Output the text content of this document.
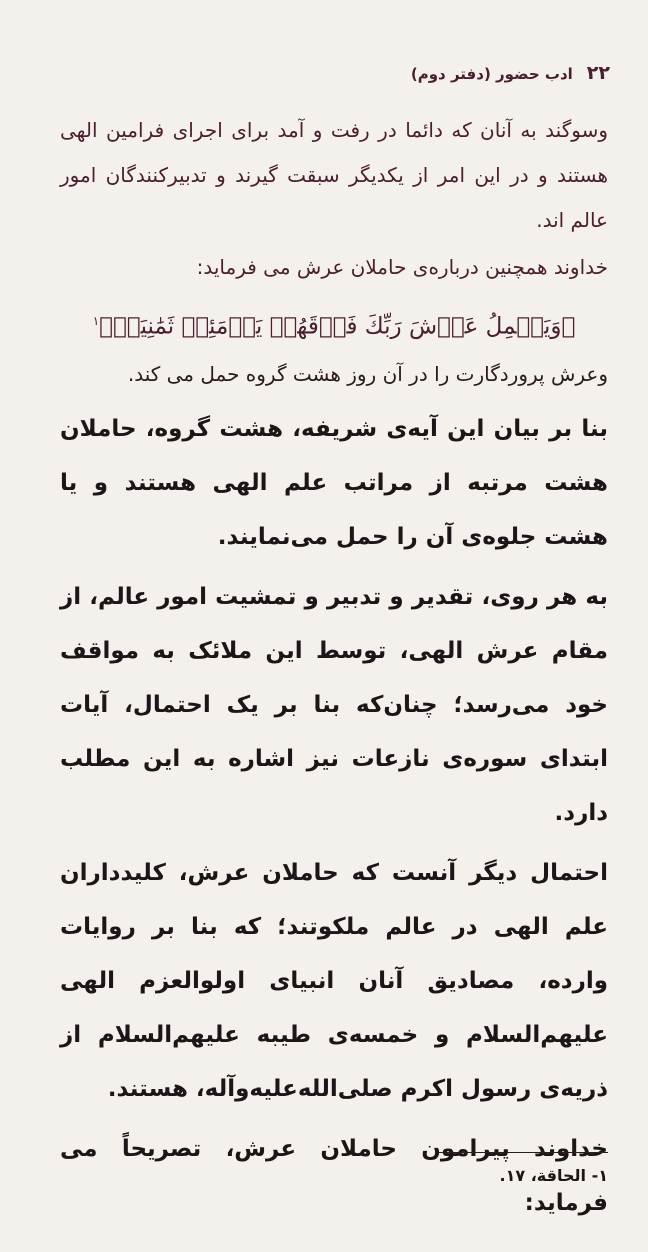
۲۲
ادب حضور (دفتر دوم)

وسوگند به آنان که دائما در رفت و آمد برای اجرای فرامین الهی هستند و در این امر از یکدیگر سبقت گیرند و تدبیرکنندگان امور عالم اند.

خداوند همچنین درباره‌ی حاملان عرش می فرماید:

﴿وَيَحۡمِلُ عَرۡشَ رَبِّكَ فَوۡقَهُمۡ يَوۡمَئِذٖ ثَمَٰنِيَةٞ﴾$^۱$

وعرش پروردگارت را در آن روز هشت گروه حمل می کند.

بنا بر بیان این آیه‌ی شریفه، هشت گروه، حاملان هشت مرتبه از مراتب علم الهی هستند و یا هشت جلوه‌ی آن را حمل می‌نمایند.

به هر روی، تقدیر و تدبیر و تمشیت امور عالم، از مقام عرش الهی، توسط این ملائک به مواقف خود می‌رسد؛ چنان‌که بنا بر یک احتمال، آیات ابتدای سوره‌ی نازعات نیز اشاره به این مطلب دارد.

احتمال دیگر آنست که حاملان عرش، کلیدداران علم الهی در عالم ملکوتند؛ که بنا بر روایات وارده، مصادیق آنان انبیای اولوالعزم الهی علیهم‌السلام و خمسه‌ی طیبه علیهم‌السلام از ذریه‌ی رسول اکرم صلی‌الله‌علیه‌وآله، هستند.

خداوند پیرامون حاملان عرش، تصریحاً می فرماید:

۱- الحاقة، ۱۷.
